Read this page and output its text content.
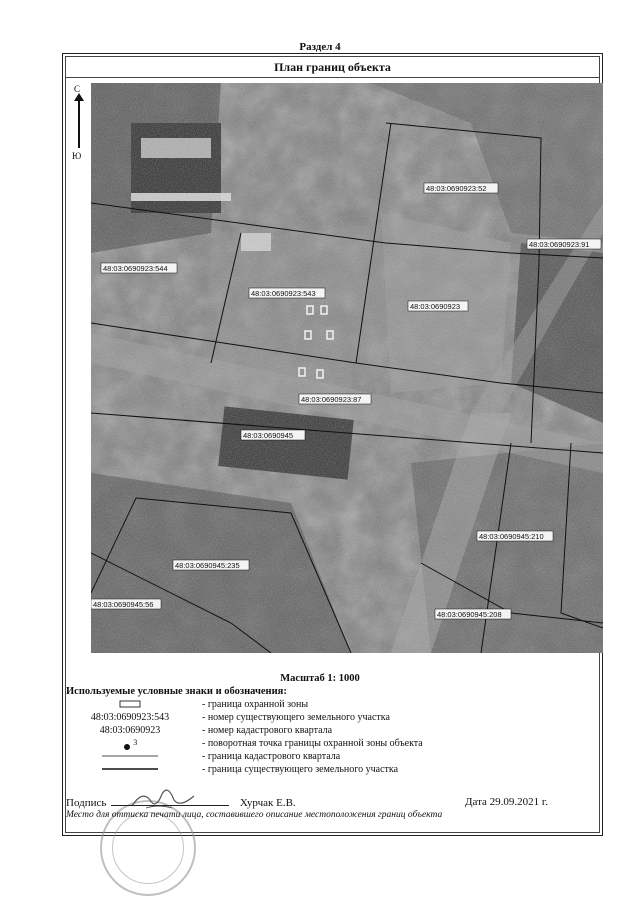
Раздел 4
План границ объекта
С
Ю
48:03:0690923:52
48:03:0690923:91
48:03:0690923:544
48:03:0690923:543
48:03:0690923
48:03:0690923:87
48:03:0690945
48:03:0690945:210
48:03:0690945:235
48:03:0690945:56
48:03:0690945:208
Масштаб 1: 1000
Используемые условные знаки и обозначения:
- граница охранной зоны
48:03:0690923:543	- номер существующего земельного участка
48:03:0690923	- номер кадастрового квартала
$^3$	- поворотная точка границы охранной зоны объекта
- граница кадастрового квартала
- граница существующего земельного участка
Подпись	Хурчак Е.В.	Дата 29.09.2021 г.
Место для оттиска печати лица, составившего описание местоположения границ объекта
